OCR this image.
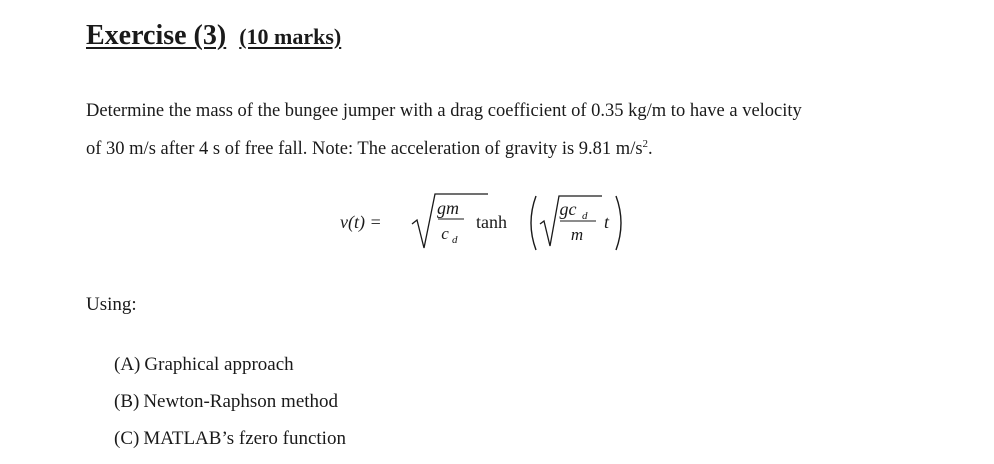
Exercise (3) (10 marks)
Determine the mass of the bungee jumper with a drag coefficient of 0.35 kg/m to have a velocity
of 30 m/s after 4 s of free fall. Note: The acceleration of gravity is 9.81 $m/s^2$.
v(t) =
gm
c d
tanh
gc d
m
t
Using:
(A) Graphical approach
(B) Newton-Raphson method
(C) MATLAB’s fzero function
